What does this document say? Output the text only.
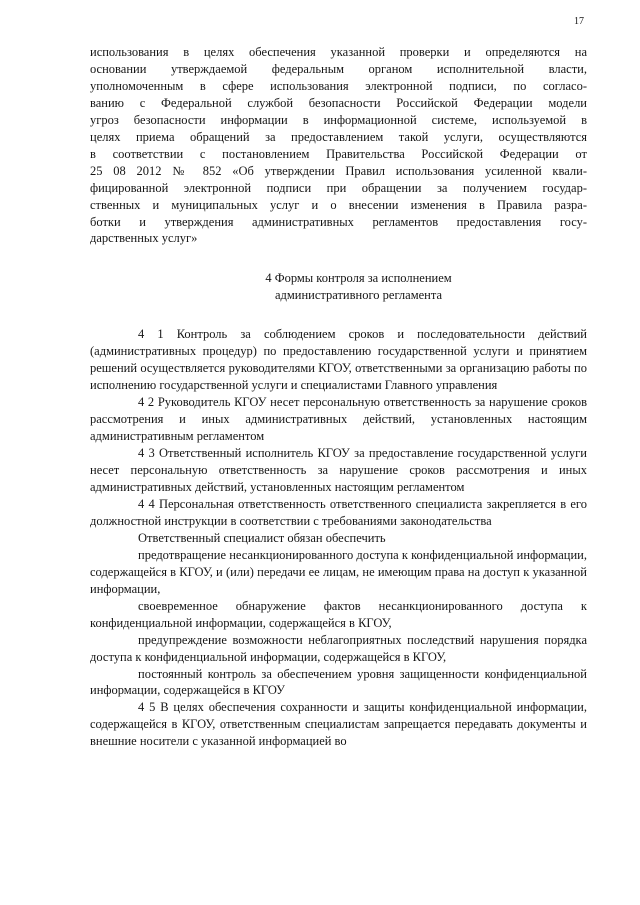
17

использования в целях обеспечения указанной проверки и определяются на
основании утверждаемой федеральным органом исполнительной власти,
уполномоченным в сфере использования электронной подписи, по согласо-
ванию с Федеральной службой безопасности Российской Федерации модели
угроз безопасности информации в информационной системе, используемой в
целях приема обращений за предоставлением такой услуги, осуществляются
в соответствии с постановлением Правительства Российской Федерации от
25 08 2012 № 852 «Об утверждении Правил использования усиленной квали-
фицированной электронной подписи при обращении за получением государ-
ственных и муниципальных услуг и о внесении изменения в Правила разра-
ботки и утверждения административных регламентов предоставления госу-
дарственных услуг»

4 Формы контроля за исполнением
административного регламента

4 1 Контроль за соблюдением сроков и последовательности действий (административных процедур) по предоставлению государственной услуги и принятием решений осуществляется руководителями КГОУ, ответственными за организацию работы по исполнению государственной услуги и специалистами Главного управления

4 2 Руководитель КГОУ несет персональную ответственность за нарушение сроков рассмотрения и иных административных действий, установленных настоящим административным регламентом

4 3 Ответственный исполнитель КГОУ за предоставление государственной услуги несет персональную ответственность за нарушение сроков рассмотрения и иных административных действий, установленных настоящим регламентом

4 4 Персональная ответственность ответственного специалиста закрепляется в его должностной инструкции в соответствии с требованиями законодательства

Ответственный специалист обязан обеспечить

предотвращение несанкционированного доступа к конфиденциальной информации, содержащейся в КГОУ, и (или) передачи ее лицам, не имеющим права на доступ к указанной информации,

своевременное обнаружение фактов несанкционированного доступа к конфиденциальной информации, содержащейся в КГОУ,

предупреждение возможности неблагоприятных последствий нарушения порядка доступа к конфиденциальной информации, содержащейся в КГОУ,

постоянный контроль за обеспечением уровня защищенности конфиденциальной информации, содержащейся в КГОУ

4 5 В целях обеспечения сохранности и защиты конфиденциальной информации, содержащейся в КГОУ, ответственным специалистам запрещается передавать документы и внешние носители с указанной информацией во
